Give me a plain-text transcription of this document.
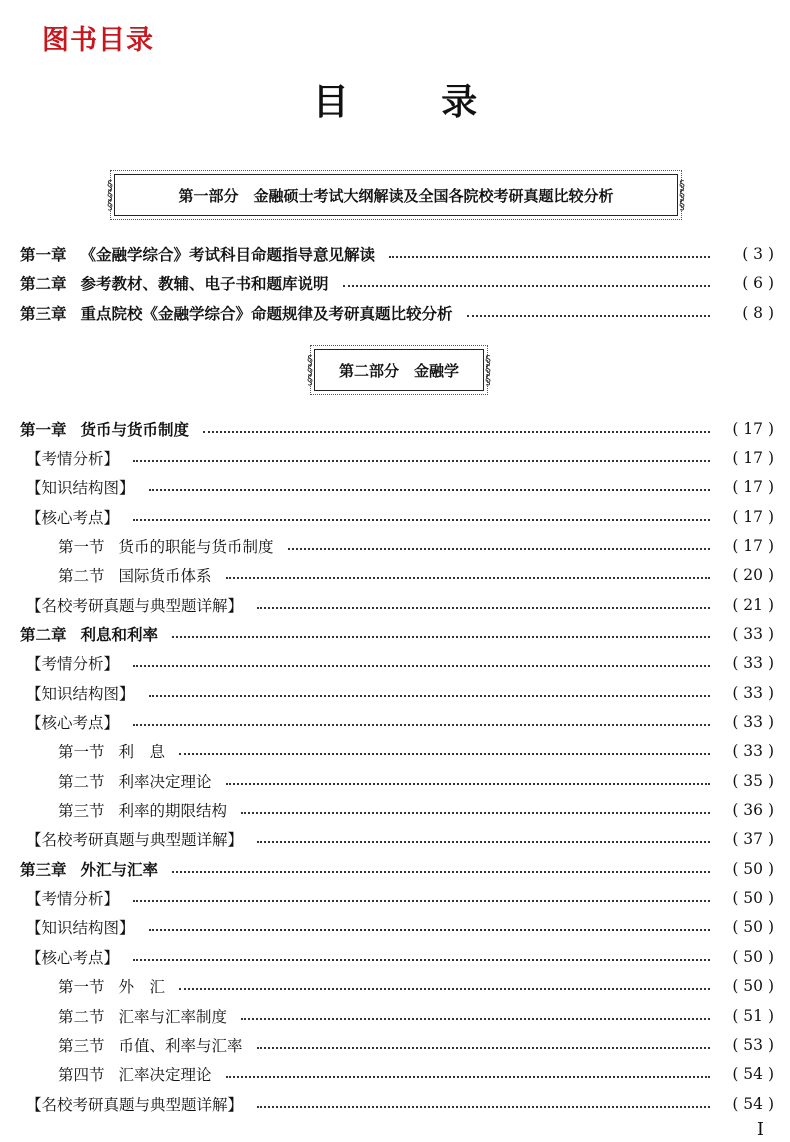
图书目录
目 录
§
§
§
第一部分　金融硕士考试大纲解读及全国各院校考研真题比较分析
§
§
§
第一章 《金融学综合》考试科目命题指导意见解读	( 3 )
第二章 参考教材、教辅、电子书和题库说明	( 6 )
第三章 重点院校《金融学综合》命题规律及考研真题比较分析	( 8 )
§
§
§
第二部分　金融学
§
§
§
第一章 货币与货币制度	( 17 )
【考情分析】	( 17 )
【知识结构图】	( 17 )
【核心考点】	( 17 )
第一节 货币的职能与货币制度	( 17 )
第二节 国际货币体系	( 20 )
【名校考研真题与典型题详解】	( 21 )
第二章 利息和利率	( 33 )
【考情分析】	( 33 )
【知识结构图】	( 33 )
【核心考点】	( 33 )
第一节 利　息	( 33 )
第二节 利率决定理论	( 35 )
第三节 利率的期限结构	( 36 )
【名校考研真题与典型题详解】	( 37 )
第三章 外汇与汇率	( 50 )
【考情分析】	( 50 )
【知识结构图】	( 50 )
【核心考点】	( 50 )
第一节 外　汇	( 50 )
第二节 汇率与汇率制度	( 51 )
第三节 币值、利率与汇率	( 53 )
第四节 汇率决定理论	( 54 )
【名校考研真题与典型题详解】	( 54 )
I
